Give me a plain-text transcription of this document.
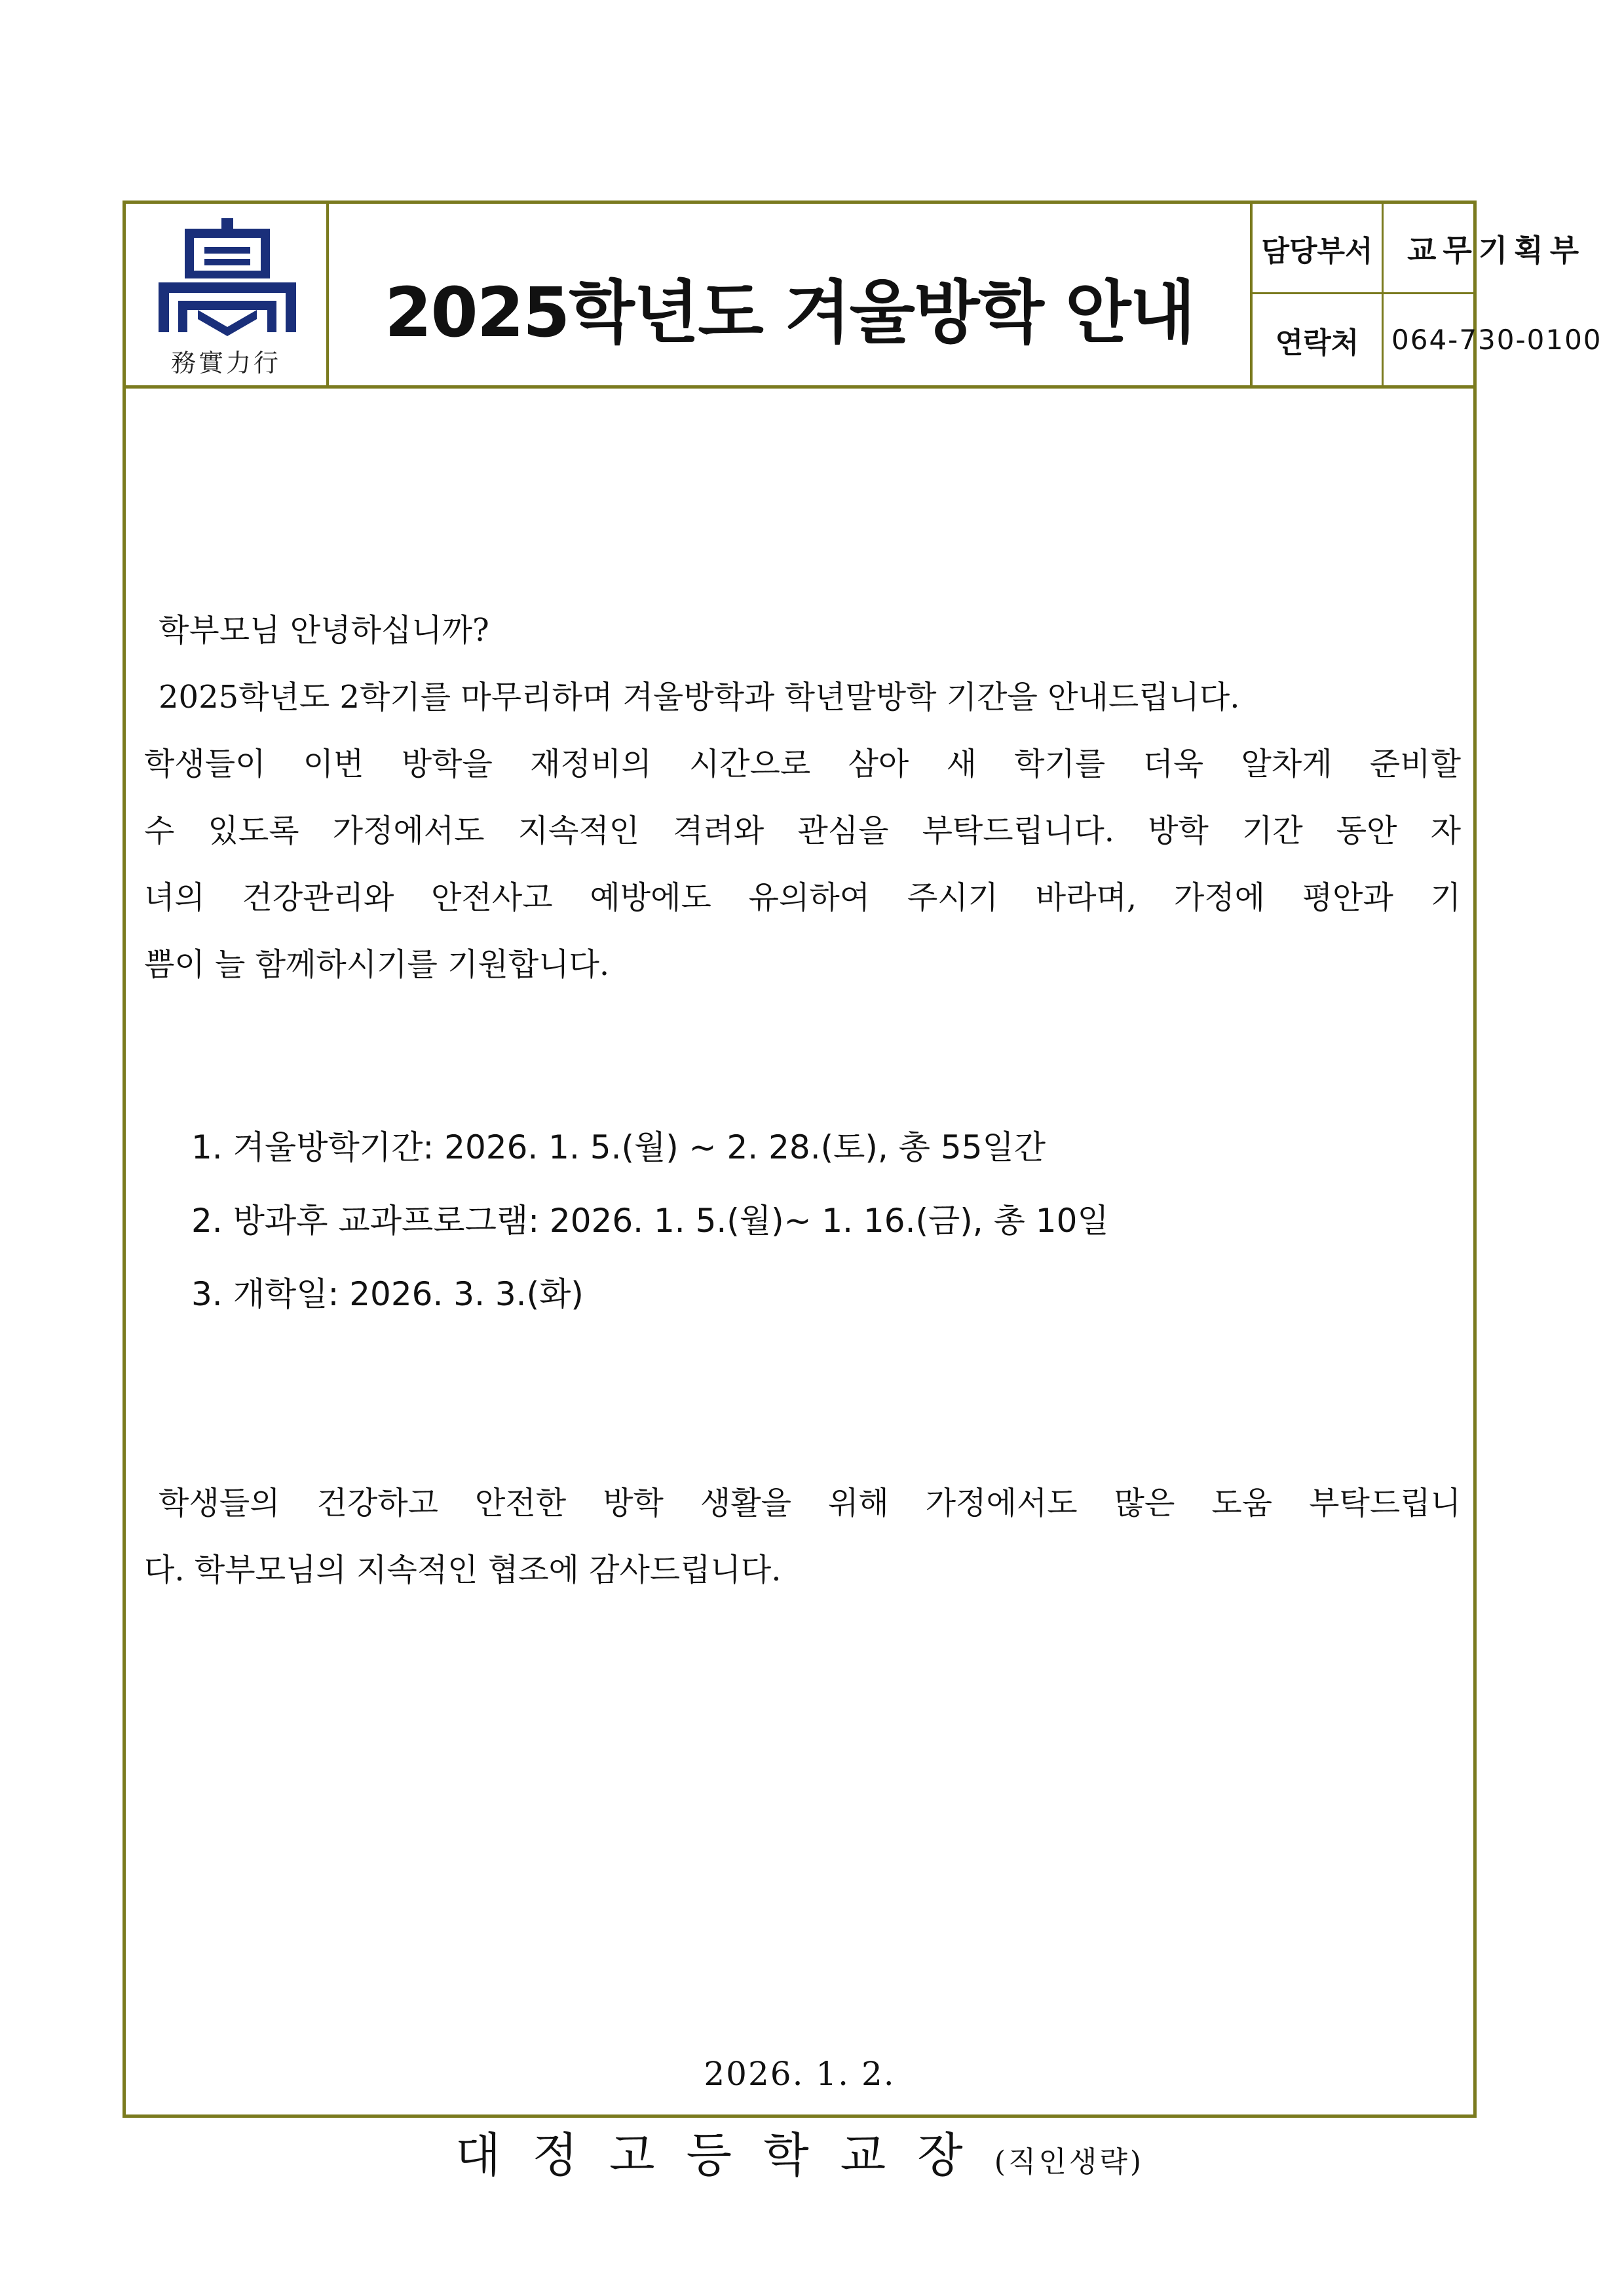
務實力行
2025학년도 겨울방학 안내
담당부서	교무기획부
연락처	064-730-0100
학부모님 안녕하십니까?
2025학년도 2학기를 마무리하며 겨울방학과 학년말방학 기간을 안내드립니다.
학생들이 이번 방학을 재정비의 시간으로 삼아 새 학기를 더욱 알차게 준비할
수 있도록 가정에서도 지속적인 격려와 관심을 부탁드립니다. 방학 기간 동안 자
녀의 건강관리와 안전사고 예방에도 유의하여 주시기 바라며, 가정에 평안과 기
쁨이 늘 함께하시기를 기원합니다.
1. 겨울방학기간: 2026. 1. 5.(월) ~ 2. 28.(토), 총 55일간
2. 방과후 교과프로그램: 2026. 1. 5.(월)~ 1. 16.(금), 총 10일
3. 개학일: 2026. 3. 3.(화)
학생들의 건강하고 안전한 방학 생활을 위해 가정에서도 많은 도움 부탁드립니
다. 학부모님의 지속적인 협조에 감사드립니다.
2026. 1. 2.
대정고등학교장(직인생략)
